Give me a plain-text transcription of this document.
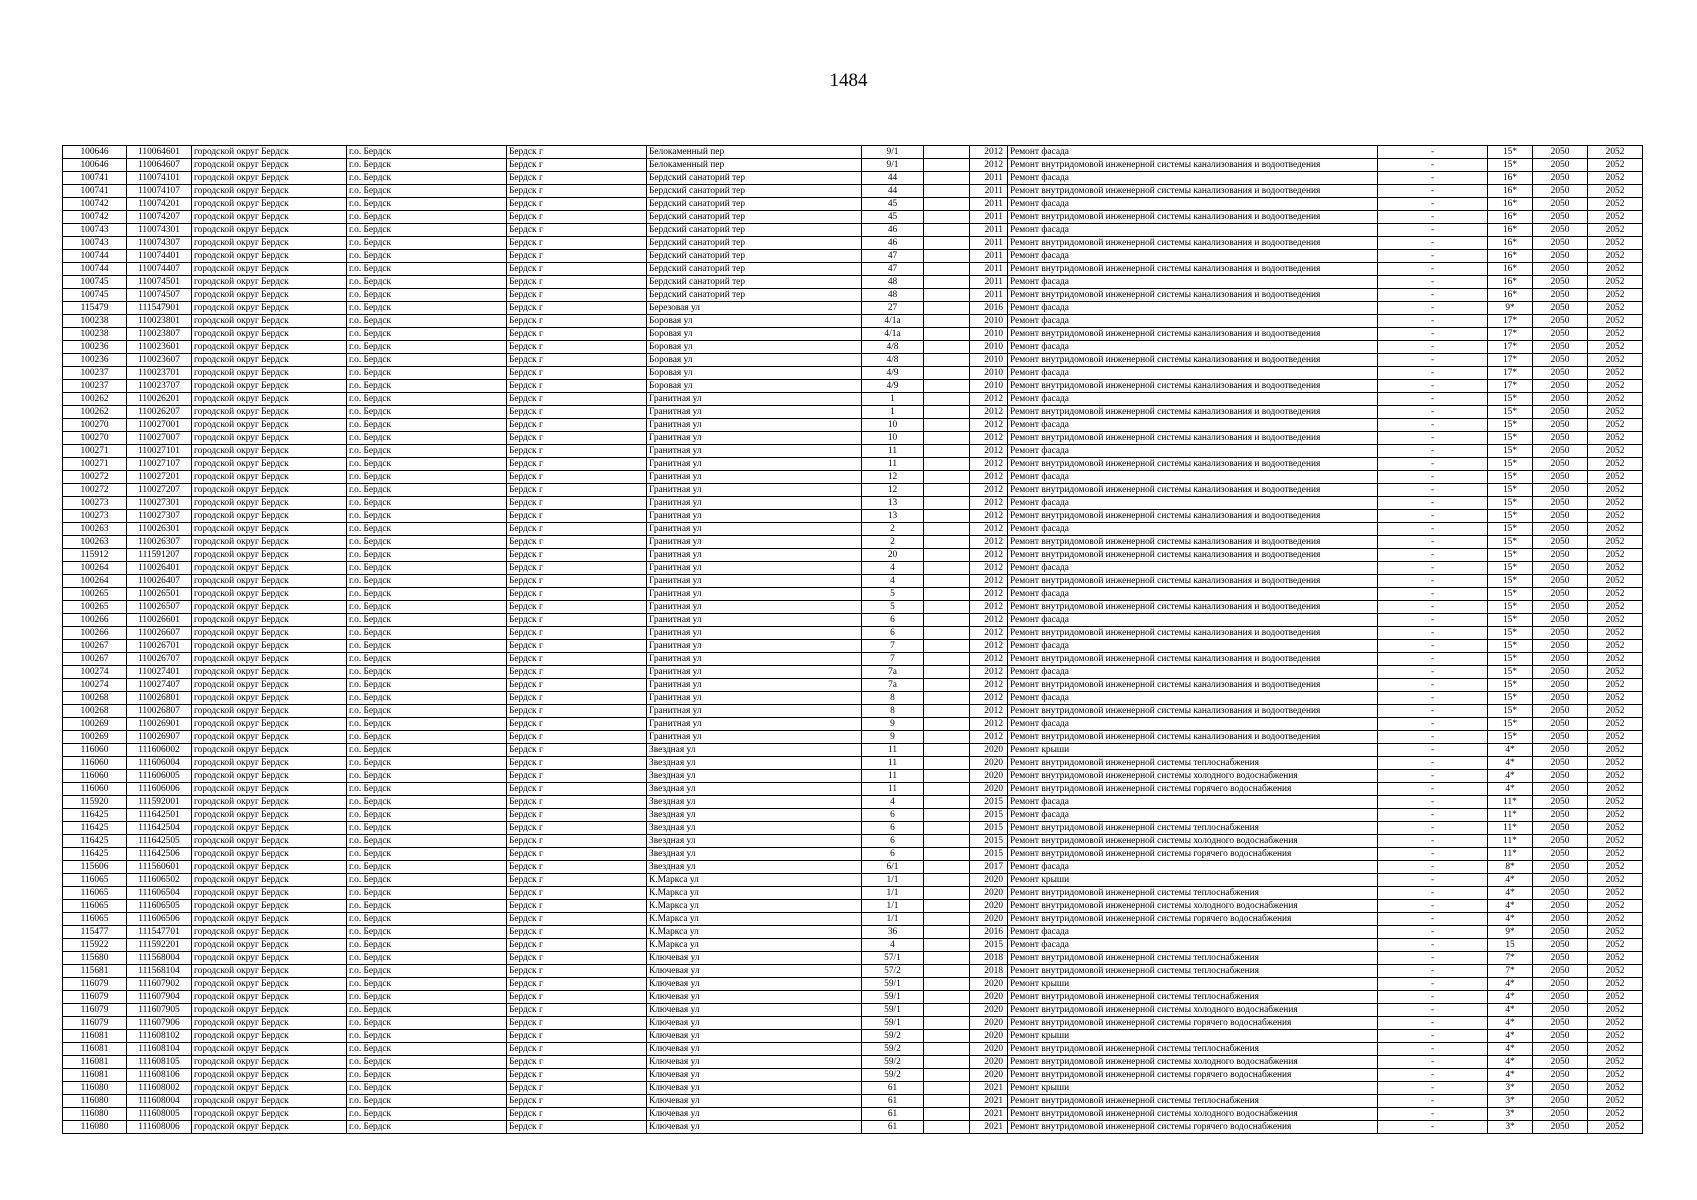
1484
100646	110064601	городской округ Бердск	г.о. Бердск	Бердск г	Белокаменный пер	9/1		2012	Ремонт фасада	-	15*	2050	2052
100646	110064607	городской округ Бердск	г.о. Бердск	Бердск г	Белокаменный пер	9/1		2012	Ремонт внутридомовой инженерной системы канализования и водоотведения	-	15*	2050	2052
100741	110074101	городской округ Бердск	г.о. Бердск	Бердск г	Бердский санаторий тер	44		2011	Ремонт фасада	-	16*	2050	2052
100741	110074107	городской округ Бердск	г.о. Бердск	Бердск г	Бердский санаторий тер	44		2011	Ремонт внутридомовой инженерной системы канализования и водоотведения	-	16*	2050	2052
100742	110074201	городской округ Бердск	г.о. Бердск	Бердск г	Бердский санаторий тер	45		2011	Ремонт фасада	-	16*	2050	2052
100742	110074207	городской округ Бердск	г.о. Бердск	Бердск г	Бердский санаторий тер	45		2011	Ремонт внутридомовой инженерной системы канализования и водоотведения	-	16*	2050	2052
100743	110074301	городской округ Бердск	г.о. Бердск	Бердск г	Бердский санаторий тер	46		2011	Ремонт фасада	-	16*	2050	2052
100743	110074307	городской округ Бердск	г.о. Бердск	Бердск г	Бердский санаторий тер	46		2011	Ремонт внутридомовой инженерной системы канализования и водоотведения	-	16*	2050	2052
100744	110074401	городской округ Бердск	г.о. Бердск	Бердск г	Бердский санаторий тер	47		2011	Ремонт фасада	-	16*	2050	2052
100744	110074407	городской округ Бердск	г.о. Бердск	Бердск г	Бердский санаторий тер	47		2011	Ремонт внутридомовой инженерной системы канализования и водоотведения	-	16*	2050	2052
100745	110074501	городской округ Бердск	г.о. Бердск	Бердск г	Бердский санаторий тер	48		2011	Ремонт фасада	-	16*	2050	2052
100745	110074507	городской округ Бердск	г.о. Бердск	Бердск г	Бердский санаторий тер	48		2011	Ремонт внутридомовой инженерной системы канализования и водоотведения	-	16*	2050	2052
115479	111547901	городской округ Бердск	г.о. Бердск	Бердск г	Березовая ул	27		2016	Ремонт фасада	-	9*	2050	2052
100238	110023801	городской округ Бердск	г.о. Бердск	Бердск г	Боровая ул	4/1а		2010	Ремонт фасада	-	17*	2050	2052
100238	110023807	городской округ Бердск	г.о. Бердск	Бердск г	Боровая ул	4/1а		2010	Ремонт внутридомовой инженерной системы канализования и водоотведения	-	17*	2050	2052
100236	110023601	городской округ Бердск	г.о. Бердск	Бердск г	Боровая ул	4/8		2010	Ремонт фасада	-	17*	2050	2052
100236	110023607	городской округ Бердск	г.о. Бердск	Бердск г	Боровая ул	4/8		2010	Ремонт внутридомовой инженерной системы канализования и водоотведения	-	17*	2050	2052
100237	110023701	городской округ Бердск	г.о. Бердск	Бердск г	Боровая ул	4/9		2010	Ремонт фасада	-	17*	2050	2052
100237	110023707	городской округ Бердск	г.о. Бердск	Бердск г	Боровая ул	4/9		2010	Ремонт внутридомовой инженерной системы канализования и водоотведения	-	17*	2050	2052
100262	110026201	городской округ Бердск	г.о. Бердск	Бердск г	Гранитная ул	1		2012	Ремонт фасада	-	15*	2050	2052
100262	110026207	городской округ Бердск	г.о. Бердск	Бердск г	Гранитная ул	1		2012	Ремонт внутридомовой инженерной системы канализования и водоотведения	-	15*	2050	2052
100270	110027001	городской округ Бердск	г.о. Бердск	Бердск г	Гранитная ул	10		2012	Ремонт фасада	-	15*	2050	2052
100270	110027007	городской округ Бердск	г.о. Бердск	Бердск г	Гранитная ул	10		2012	Ремонт внутридомовой инженерной системы канализования и водоотведения	-	15*	2050	2052
100271	110027101	городской округ Бердск	г.о. Бердск	Бердск г	Гранитная ул	11		2012	Ремонт фасада	-	15*	2050	2052
100271	110027107	городской округ Бердск	г.о. Бердск	Бердск г	Гранитная ул	11		2012	Ремонт внутридомовой инженерной системы канализования и водоотведения	-	15*	2050	2052
100272	110027201	городской округ Бердск	г.о. Бердск	Бердск г	Гранитная ул	12		2012	Ремонт фасада	-	15*	2050	2052
100272	110027207	городской округ Бердск	г.о. Бердск	Бердск г	Гранитная ул	12		2012	Ремонт внутридомовой инженерной системы канализования и водоотведения	-	15*	2050	2052
100273	110027301	городской округ Бердск	г.о. Бердск	Бердск г	Гранитная ул	13		2012	Ремонт фасада	-	15*	2050	2052
100273	110027307	городской округ Бердск	г.о. Бердск	Бердск г	Гранитная ул	13		2012	Ремонт внутридомовой инженерной системы канализования и водоотведения	-	15*	2050	2052
100263	110026301	городской округ Бердск	г.о. Бердск	Бердск г	Гранитная ул	2		2012	Ремонт фасада	-	15*	2050	2052
100263	110026307	городской округ Бердск	г.о. Бердск	Бердск г	Гранитная ул	2		2012	Ремонт внутридомовой инженерной системы канализования и водоотведения	-	15*	2050	2052
115912	111591207	городской округ Бердск	г.о. Бердск	Бердск г	Гранитная ул	20		2012	Ремонт внутридомовой инженерной системы канализования и водоотведения	-	15*	2050	2052
100264	110026401	городской округ Бердск	г.о. Бердск	Бердск г	Гранитная ул	4		2012	Ремонт фасада	-	15*	2050	2052
100264	110026407	городской округ Бердск	г.о. Бердск	Бердск г	Гранитная ул	4		2012	Ремонт внутридомовой инженерной системы канализования и водоотведения	-	15*	2050	2052
100265	110026501	городской округ Бердск	г.о. Бердск	Бердск г	Гранитная ул	5		2012	Ремонт фасада	-	15*	2050	2052
100265	110026507	городской округ Бердск	г.о. Бердск	Бердск г	Гранитная ул	5		2012	Ремонт внутридомовой инженерной системы канализования и водоотведения	-	15*	2050	2052
100266	110026601	городской округ Бердск	г.о. Бердск	Бердск г	Гранитная ул	6		2012	Ремонт фасада	-	15*	2050	2052
100266	110026607	городской округ Бердск	г.о. Бердск	Бердск г	Гранитная ул	6		2012	Ремонт внутридомовой инженерной системы канализования и водоотведения	-	15*	2050	2052
100267	110026701	городской округ Бердск	г.о. Бердск	Бердск г	Гранитная ул	7		2012	Ремонт фасада	-	15*	2050	2052
100267	110026707	городской округ Бердск	г.о. Бердск	Бердск г	Гранитная ул	7		2012	Ремонт внутридомовой инженерной системы канализования и водоотведения	-	15*	2050	2052
100274	110027401	городской округ Бердск	г.о. Бердск	Бердск г	Гранитная ул	7а		2012	Ремонт фасада	-	15*	2050	2052
100274	110027407	городской округ Бердск	г.о. Бердск	Бердск г	Гранитная ул	7а		2012	Ремонт внутридомовой инженерной системы канализования и водоотведения	-	15*	2050	2052
100268	110026801	городской округ Бердск	г.о. Бердск	Бердск г	Гранитная ул	8		2012	Ремонт фасада	-	15*	2050	2052
100268	110026807	городской округ Бердск	г.о. Бердск	Бердск г	Гранитная ул	8		2012	Ремонт внутридомовой инженерной системы канализования и водоотведения	-	15*	2050	2052
100269	110026901	городской округ Бердск	г.о. Бердск	Бердск г	Гранитная ул	9		2012	Ремонт фасада	-	15*	2050	2052
100269	110026907	городской округ Бердск	г.о. Бердск	Бердск г	Гранитная ул	9		2012	Ремонт внутридомовой инженерной системы канализования и водоотведения	-	15*	2050	2052
116060	111606002	городской округ Бердск	г.о. Бердск	Бердск г	Звездная ул	11		2020	Ремонт крыши	-	4*	2050	2052
116060	111606004	городской округ Бердск	г.о. Бердск	Бердск г	Звездная ул	11		2020	Ремонт внутридомовой инженерной системы теплоснабжения	-	4*	2050	2052
116060	111606005	городской округ Бердск	г.о. Бердск	Бердск г	Звездная ул	11		2020	Ремонт внутридомовой инженерной системы холодного водоснабжения	-	4*	2050	2052
116060	111606006	городской округ Бердск	г.о. Бердск	Бердск г	Звездная ул	11		2020	Ремонт внутридомовой инженерной системы горячего водоснабжения	-	4*	2050	2052
115920	111592001	городской округ Бердск	г.о. Бердск	Бердск г	Звездная ул	4		2015	Ремонт фасада	-	11*	2050	2052
116425	111642501	городской округ Бердск	г.о. Бердск	Бердск г	Звездная ул	6		2015	Ремонт фасада	-	11*	2050	2052
116425	111642504	городской округ Бердск	г.о. Бердск	Бердск г	Звездная ул	6		2015	Ремонт внутридомовой инженерной системы теплоснабжения	-	11*	2050	2052
116425	111642505	городской округ Бердск	г.о. Бердск	Бердск г	Звездная ул	6		2015	Ремонт внутридомовой инженерной системы холодного водоснабжения	-	11*	2050	2052
116425	111642506	городской округ Бердск	г.о. Бердск	Бердск г	Звездная ул	6		2015	Ремонт внутридомовой инженерной системы горячего водоснабжения	-	11*	2050	2052
115606	111560601	городской округ Бердск	г.о. Бердск	Бердск г	Звездная ул	6/1		2017	Ремонт фасада	-	8*	2050	2052
116065	111606502	городской округ Бердск	г.о. Бердск	Бердск г	К.Маркса ул	1/1		2020	Ремонт крыши	-	4*	2050	2052
116065	111606504	городской округ Бердск	г.о. Бердск	Бердск г	К.Маркса ул	1/1		2020	Ремонт внутридомовой инженерной системы теплоснабжения	-	4*	2050	2052
116065	111606505	городской округ Бердск	г.о. Бердск	Бердск г	К.Маркса ул	1/1		2020	Ремонт внутридомовой инженерной системы холодного водоснабжения	-	4*	2050	2052
116065	111606506	городской округ Бердск	г.о. Бердск	Бердск г	К.Маркса ул	1/1		2020	Ремонт внутридомовой инженерной системы горячего водоснабжения	-	4*	2050	2052
115477	111547701	городской округ Бердск	г.о. Бердск	Бердск г	К.Маркса ул	36		2016	Ремонт фасада	-	9*	2050	2052
115922	111592201	городской округ Бердск	г.о. Бердск	Бердск г	К.Маркса ул	4		2015	Ремонт фасада	-	15	2050	2052
115680	111568004	городской округ Бердск	г.о. Бердск	Бердск г	Ключевая ул	57/1		2018	Ремонт внутридомовой инженерной системы теплоснабжения	-	7*	2050	2052
115681	111568104	городской округ Бердск	г.о. Бердск	Бердск г	Ключевая ул	57/2		2018	Ремонт внутридомовой инженерной системы теплоснабжения	-	7*	2050	2052
116079	111607902	городской округ Бердск	г.о. Бердск	Бердск г	Ключевая ул	59/1		2020	Ремонт крыши	-	4*	2050	2052
116079	111607904	городской округ Бердск	г.о. Бердск	Бердск г	Ключевая ул	59/1		2020	Ремонт внутридомовой инженерной системы теплоснабжения	-	4*	2050	2052
116079	111607905	городской округ Бердск	г.о. Бердск	Бердск г	Ключевая ул	59/1		2020	Ремонт внутридомовой инженерной системы холодного водоснабжения	-	4*	2050	2052
116079	111607906	городской округ Бердск	г.о. Бердск	Бердск г	Ключевая ул	59/1		2020	Ремонт внутридомовой инженерной системы горячего водоснабжения	-	4*	2050	2052
116081	111608102	городской округ Бердск	г.о. Бердск	Бердск г	Ключевая ул	59/2		2020	Ремонт крыши	-	4*	2050	2052
116081	111608104	городской округ Бердск	г.о. Бердск	Бердск г	Ключевая ул	59/2		2020	Ремонт внутридомовой инженерной системы теплоснабжения	-	4*	2050	2052
116081	111608105	городской округ Бердск	г.о. Бердск	Бердск г	Ключевая ул	59/2		2020	Ремонт внутридомовой инженерной системы холодного водоснабжения	-	4*	2050	2052
116081	111608106	городской округ Бердск	г.о. Бердск	Бердск г	Ключевая ул	59/2		2020	Ремонт внутридомовой инженерной системы горячего водоснабжения	-	4*	2050	2052
116080	111608002	городской округ Бердск	г.о. Бердск	Бердск г	Ключевая ул	61		2021	Ремонт крыши	-	3*	2050	2052
116080	111608004	городской округ Бердск	г.о. Бердск	Бердск г	Ключевая ул	61		2021	Ремонт внутридомовой инженерной системы теплоснабжения	-	3*	2050	2052
116080	111608005	городской округ Бердск	г.о. Бердск	Бердск г	Ключевая ул	61		2021	Ремонт внутридомовой инженерной системы холодного водоснабжения	-	3*	2050	2052
116080	111608006	городской округ Бердск	г.о. Бердск	Бердск г	Ключевая ул	61		2021	Ремонт внутридомовой инженерной системы горячего водоснабжения	-	3*	2050	2052
